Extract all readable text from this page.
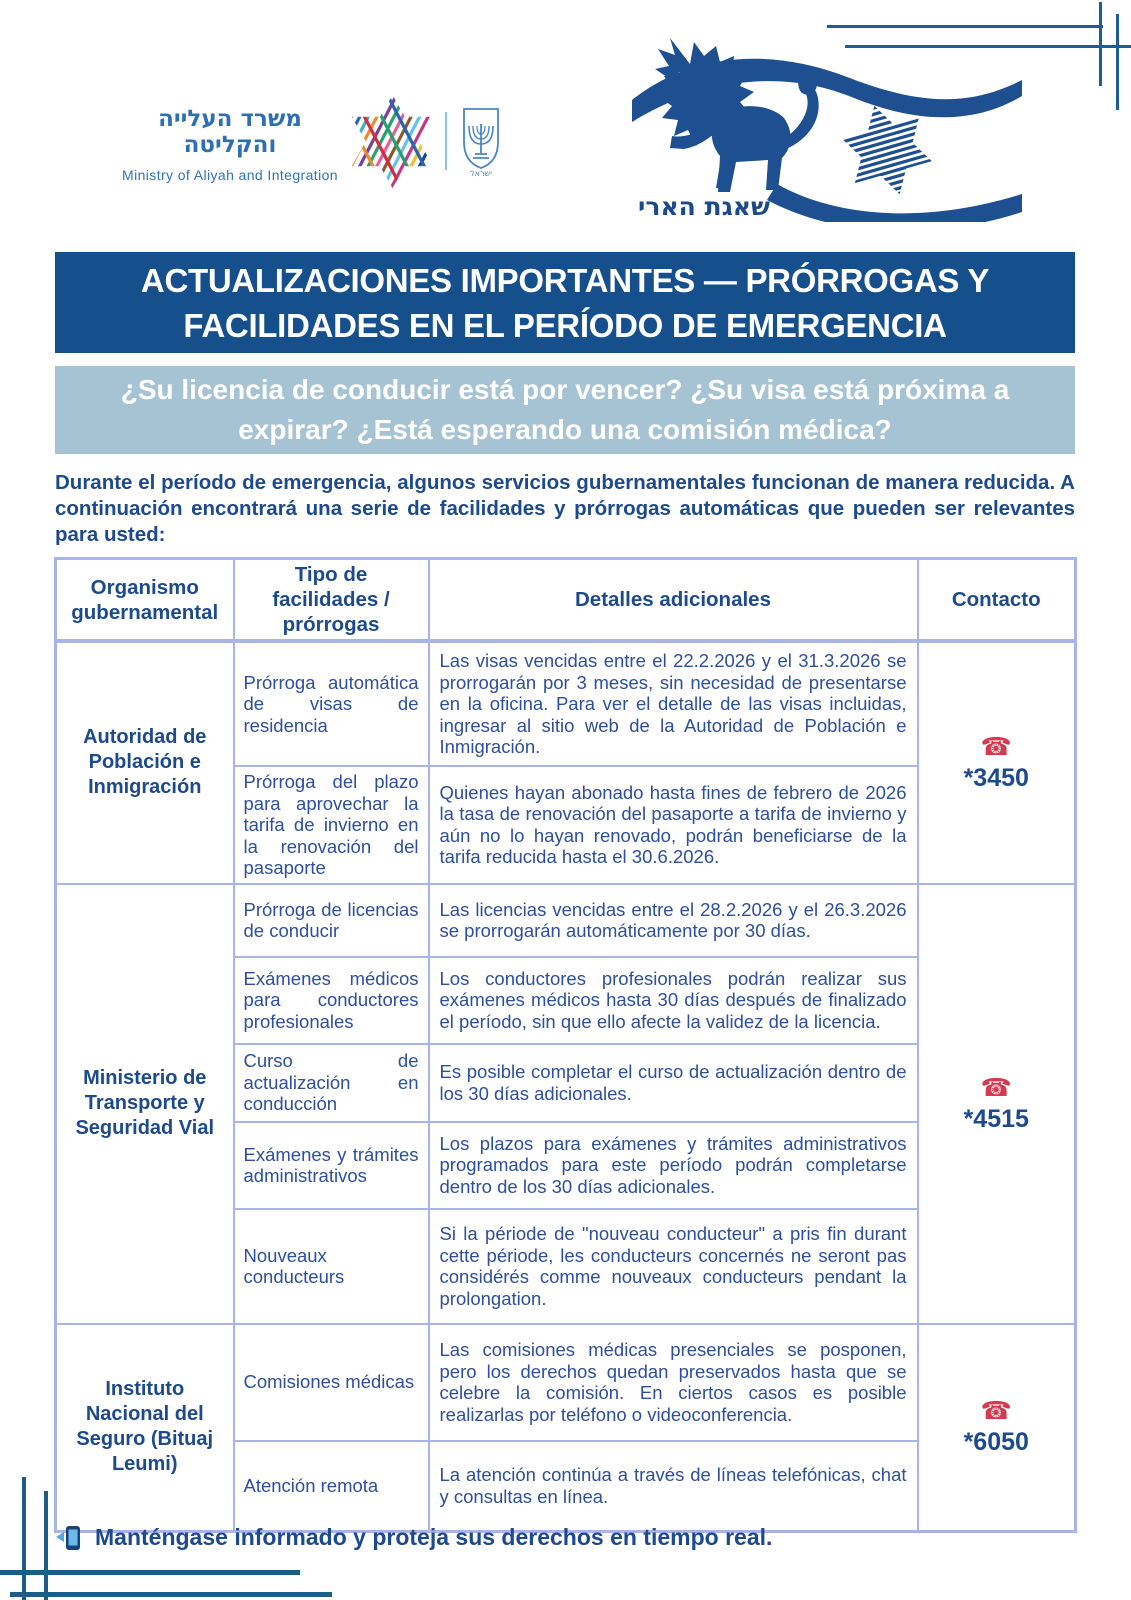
משרד העלייה והקליטה
Ministry of Aliyah and Integration	ישראל
שאגת הארי
ACTUALIZACIONES IMPORTANTES — PRÓRROGAS Y FACILIDADES EN EL PERÍODO DE EMERGENCIA
¿Su licencia de conducir está por vencer? ¿Su visa está próxima a expirar? ¿Está esperando una comisión médica?
Durante el período de emergencia, algunos servicios gubernamentales funcionan de manera reducida. A continuación encontrará una serie de facilidades y prórrogas automáticas que pueden ser relevantes para usted:
Organismo gubernamental	Tipo de facilidades / prórrogas	Detalles adicionales	Contacto
Autoridad de Población e Inmigración	Prórroga automática de visas de residencia	Las visas vencidas entre el 22.2.2026 y el 31.3.2026 se prorrogarán por 3 meses, sin necesidad de presentarse en la oficina. Para ver el detalle de las visas incluidas, ingresar al sitio web de la Autoridad de Población e Inmigración.	☎
*3450

	Prórroga del plazo para aprovechar la tarifa de invierno en la renovación del pasaporte	Quienes hayan abonado hasta fines de febrero de 2026 la tasa de renovación del pasaporte a tarifa de invierno y aún no lo hayan renovado, podrán beneficiarse de la tarifa reducida hasta el 30.6.2026.	
Ministerio de Transporte y Seguridad Vial	Prórroga de licencias de conducir	Las licencias vencidas entre el 28.2.2026 y el 26.3.2026 se prorrogarán automáticamente por 30 días.	☎
*4515

	Exámenes médicos para conductores profesionales	Los conductores profesionales podrán realizar sus exámenes médicos hasta 30 días después de finalizado el período, sin que ello afecte la validez de la licencia.	
	Curso de actualización en conducción	Es posible completar el curso de actualización dentro de los 30 días adicionales.	
	Exámenes y trámites administrativos	Los plazos para exámenes y trámites administrativos programados para este período podrán completarse dentro de los 30 días adicionales.	
	Nouveaux conducteurs	Si la période de "nouveau conducteur" a pris fin durant cette période, les conducteurs concernés ne seront pas considérés comme nouveaux conducteurs pendant la prolongation.	
Instituto Nacional del Seguro (Bituaj Leumi)	Comisiones médicas	Las comisiones médicas presenciales se posponen, pero los derechos quedan preservados hasta que se celebre la comisión. En ciertos casos es posible realizarlas por teléfono o videoconferencia.	☎
*6050

	Atención remota	La atención continúa a través de líneas telefónicas, chat y consultas en línea.	
Manténgase informado y proteja sus derechos en tiempo real.
